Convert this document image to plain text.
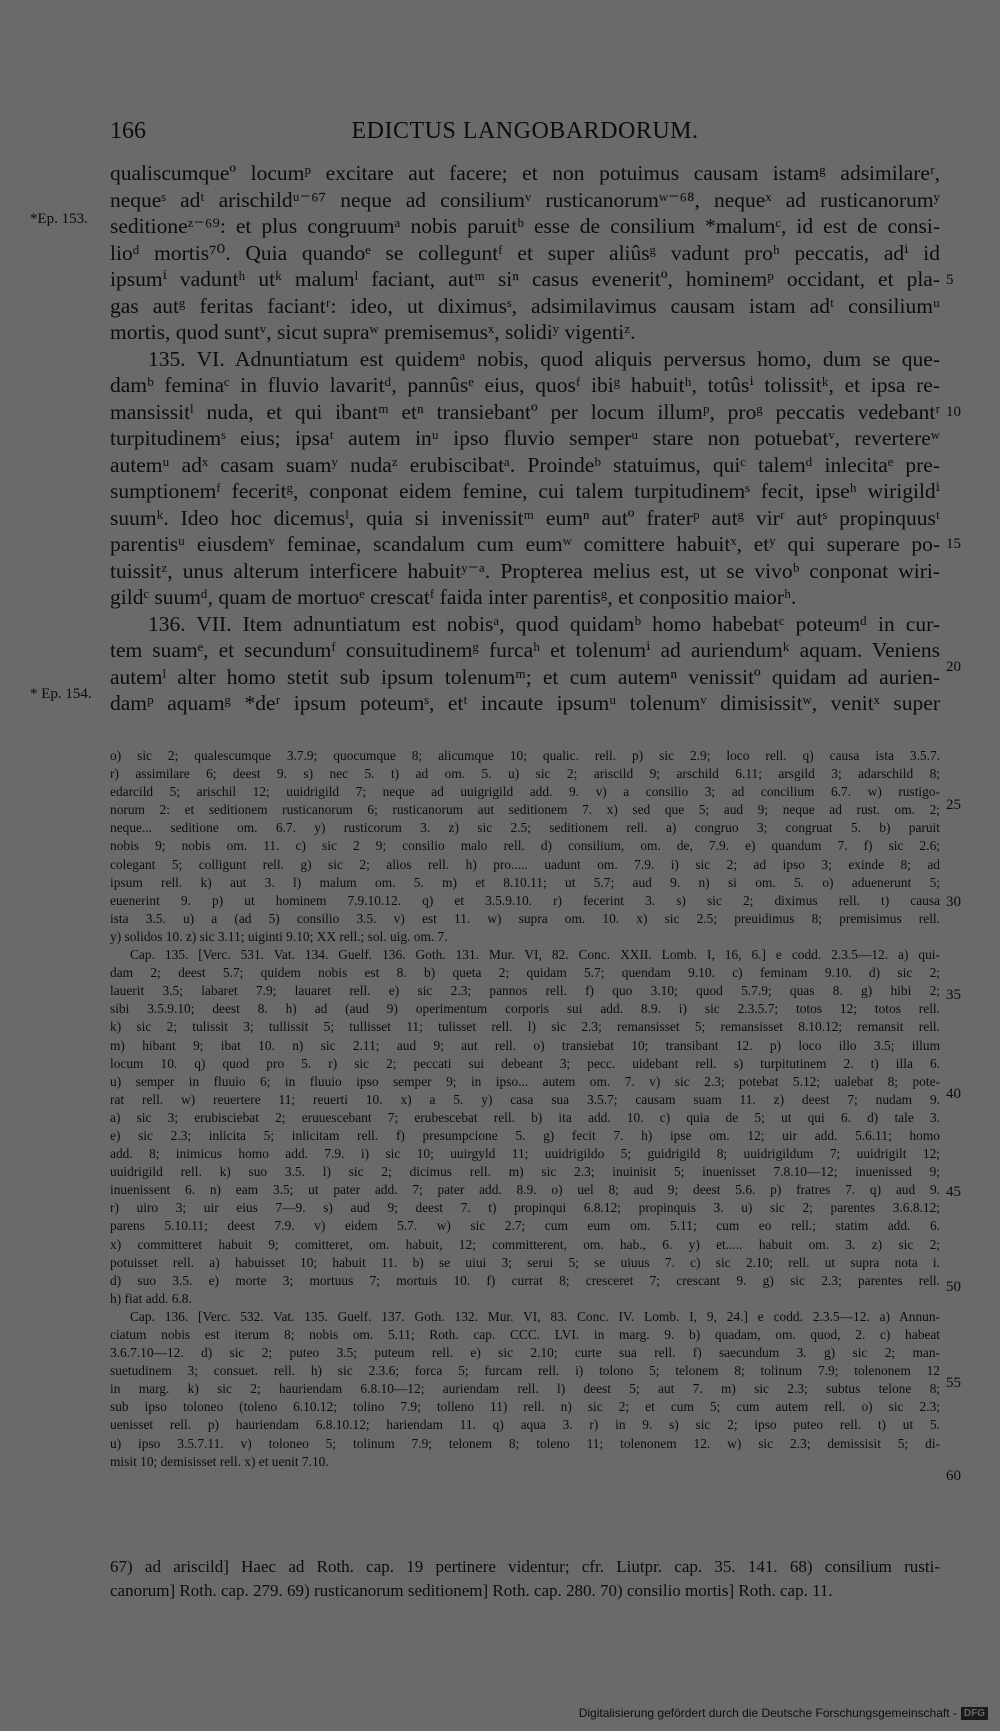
166	EDICTUS LANGOBARDORUM.
*Ep. 153.
* Ep. 154.
5
10
15
20
25
30
35
40
45
50
55
60
qualiscumqueº locumᵖ excitare aut facere; et non potuimus causam istamᵍ adsimilareʳ,
nequeˢ adᵗ arischildᵘ⁻⁶⁷ neque ad consiliumᵛ rusticanorumʷ⁻⁶⁸, nequeˣ ad rusticanorumʸ
seditioneᶻ⁻⁶⁹: et plus congruumᵃ nobis paruitᵇ esse de consilium *malumᶜ, id est de consi-
lioᵈ mortis⁷⁰. Quia quandoᵉ se colleguntᶠ et super aliûsᵍ vadunt proʰ peccatis, adⁱ id
ipsumⁱ vaduntʰ utᵏ malumˡ faciant, autᵐ siⁿ casus eveneritº, hominemᵖ occidant, et pla-
gas autᵍ feritas faciantʳ: ideo, ut diximusˢ, adsimilavimus causam istam adᵗ consiliumᵘ
mortis, quod suntᵛ, sicut supraʷ premisemusˣ, solidiʸ vigentiᶻ.
135. VI. Adnuntiatum est quidemᵃ nobis, quod aliquis perversus homo, dum se que-
damᵇ feminaᶜ in fluvio lavaritᵈ, pannûsᵉ eius, quosᶠ ibiᵍ habuitʰ, totûsⁱ tolissitᵏ, et ipsa re-
mansissitˡ nuda, et qui ibantᵐ etⁿ transiebantº per locum illumᵖ, proᵍ peccatis vedebantʳ
turpitudinemˢ eius; ipsaᵗ autem inᵘ ipso fluvio semperᵘ stare non potuebatᵛ, revertereʷ
autemᵘ adˣ casam suamʸ nudaᶻ erubiscibatᵃ. Proindeᵇ statuimus, quiᶜ talemᵈ inlecitaᵉ pre-
sumptionemᶠ feceritᵍ, conponat eidem femine, cui talem turpitudinemˢ fecit, ipseʰ wirigildⁱ
suumᵏ. Ideo hoc dicemusˡ, quia si invenissitᵐ eumⁿ autº fraterᵖ autᵍ virʳ autˢ propinquusᵗ
parentisᵘ eiusdemᵛ feminae, scandalum cum eumʷ comittere habuitˣ, etʸ qui superare po-
tuissitᶻ, unus alterum interficere habuitʸ⁻ᵃ. Propterea melius est, ut se vivoᵇ conponat wiri-
gildᶜ suumᵈ, quam de mortuoᵉ crescatᶠ faida inter parentisᵍ, et conpositio maiorʰ.
136. VII. Item adnuntiatum est nobisᵃ, quod quidamᵇ homo habebatᶜ poteumᵈ in cur-
tem suamᵉ, et secundumᶠ consuitudinemᵍ furcaʰ et tolenumⁱ ad auriendumᵏ aquam. Veniens
autemˡ alter homo stetit sub ipsum tolenumᵐ; et cum autemⁿ venissitº quidam ad aurien-
damᵖ aquamᵍ *deʳ ipsum poteumˢ, etᵗ incaute ipsumᵘ tolenumᵛ dimisissitʷ, venitˣ super
o) sic 2; qualescumque 3.7.9; quocumque 8; alicumque 10; qualic. rell. p) sic 2.9; loco rell. q) causa ista 3.5.7.
r) assimilare 6; deest 9. s) nec 5. t) ad om. 5. u) sic 2; ariscild 9; arschild 6.11; arsgild 3; adarschild 8;
edarcild 5; arischil 12; uuidrigild 7; neque ad uuigrigild add. 9. v) a consilio 3; ad concilium 6.7. w) rustigo-
norum 2: et seditionem rusticanorum 6; rusticanorum aut seditionem 7. x) sed que 5; aud 9; neque ad rust. om. 2;
neque... seditione om. 6.7. y) rusticorum 3. z) sic 2.5; seditionem rell. a) congruo 3; congruat 5. b) paruit
nobis 9; nobis om. 11. c) sic 2 9; consilio malo rell. d) consilium, om. de, 7.9. e) quandum 7. f) sic 2.6;
colegant 5; colligunt rell. g) sic 2; alios rell. h) pro..... uadunt om. 7.9. i) sic 2; ad ipso 3; exinde 8; ad
ipsum rell. k) aut 3. l) malum om. 5. m) et 8.10.11; ut 5.7; aud 9. n) si om. 5. o) aduenerunt 5;
euenerint 9. p) ut hominem 7.9.10.12. q) et 3.5.9.10. r) fecerint 3. s) sic 2; diximus rell. t) causa
ista 3.5. u) a (ad 5) consilio 3.5. v) est 11. w) supra om. 10. x) sic 2.5; preuidimus 8; premisimus rell.
y) solidos 10. z) sic 3.11; uiginti 9.10; XX rell.; sol. uig. om. 7.
Cap. 135. [Verc. 531. Vat. 134. Guelf. 136. Goth. 131. Mur. VI, 82. Conc. XXII. Lomb. I, 16, 6.] e codd. 2.3.5—12. a) qui-
dam 2; deest 5.7; quidem nobis est 8. b) queta 2; quidam 5.7; quendam 9.10. c) feminam 9.10. d) sic 2;
lauerit 3.5; labaret 7.9; lauaret rell. e) sic 2.3; pannos rell. f) quo 3.10; quod 5.7.9; quas 8. g) hibi 2;
sibi 3.5.9.10; deest 8. h) ad (aud 9) operimentum corporis sui add. 8.9. i) sic 2.3.5.7; totos 12; totos rell.
k) sic 2; tulissit 3; tullissit 5; tullisset 11; tulisset rell. l) sic 2.3; remansisset 5; remansisset 8.10.12; remansit rell.
m) hibant 9; ibat 10. n) sic 2.11; aud 9; aut rell. o) transiebat 10; transibant 12. p) loco illo 3.5; illum
locum 10. q) quod pro 5. r) sic 2; peccati sui debeant 3; pecc. uidebant rell. s) turpitutinem 2. t) illa 6.
u) semper in fluuio 6; in fluuio ipso semper 9; in ipso... autem om. 7. v) sic 2.3; potebat 5.12; ualebat 8; pote-
rat rell. w) reuertere 11; reuerti 10. x) a 5. y) casa sua 3.5.7; causam suam 11. z) deest 7; nudam 9.
a) sic 3; erubisciebat 2; eruuescebant 7; erubescebat rell. b) ita add. 10. c) quia de 5; ut qui 6. d) tale 3.
e) sic 2.3; inlicita 5; inlicitam rell. f) presumpcione 5. g) fecit 7. h) ipse om. 12; uir add. 5.6.11; homo
add. 8; inimicus homo add. 7.9. i) sic 10; uuirgyld 11; uuidrigildo 5; guidrigild 8; uuidrigildum 7; uuidrigilt 12;
uuidrigild rell. k) suo 3.5. l) sic 2; dicimus rell. m) sic 2.3; inuinisit 5; inuenisset 7.8.10—12; inuenissed 9;
inuenissent 6. n) eam 3.5; ut pater add. 7; pater add. 8.9. o) uel 8; aud 9; deest 5.6. p) fratres 7. q) aud 9.
r) uiro 3; uir eius 7—9. s) aud 9; deest 7. t) propinqui 6.8.12; propinquis 3. u) sic 2; parentes 3.6.8.12;
parens 5.10.11; deest 7.9. v) eidem 5.7. w) sic 2.7; cum eum om. 5.11; cum eo rell.; statim add. 6.
x) committeret habuit 9; comitteret, om. habuit, 12; committerent, om. hab., 6. y) et..... habuit om. 3. z) sic 2;
potuisset rell. a) habuisset 10; habuit 11. b) se uiui 3; serui 5; se uiuus 7. c) sic 2.10; rell. ut supra nota i.
d) suo 3.5. e) morte 3; mortuus 7; mortuis 10. f) currat 8; cresceret 7; crescant 9. g) sic 2.3; parentes rell.
h) fiat add. 6.8.
Cap. 136. [Verc. 532. Vat. 135. Guelf. 137. Goth. 132. Mur. VI, 83. Conc. IV. Lomb. I, 9, 24.] e codd. 2.3.5—12. a) Annun-
ciatum nobis est iterum 8; nobis om. 5.11; Roth. cap. CCC. LVI. in marg. 9. b) quadam, om. quod, 2. c) habeat
3.6.7.10—12. d) sic 2; puteo 3.5; puteum rell. e) sic 2.10; curte sua rell. f) saecundum 3. g) sic 2; man-
suetudinem 3; consuet. rell. h) sic 2.3.6; forca 5; furcam rell. i) tolono 5; telonem 8; tolinum 7.9; tolenonem 12
in marg. k) sic 2; hauriendam 6.8.10—12; auriendam rell. l) deest 5; aut 7. m) sic 2.3; subtus telone 8;
sub ipso toloneo (toleno 6.10.12; tolino 7.9; tolleno 11) rell. n) sic 2; et cum 5; cum autem rell. o) sic 2.3;
uenisset rell. p) hauriendam 6.8.10.12; hariendam 11. q) aqua 3. r) in 9. s) sic 2; ipso puteo rell. t) ut 5.
u) ipso 3.5.7.11. v) toloneo 5; tolinum 7.9; telonem 8; toleno 11; tolenonem 12. w) sic 2.3; demissisit 5; di-
misit 10; demisisset rell. x) et uenit 7.10.
67) ad ariscild] Haec ad Roth. cap. 19 pertinere videntur; cfr. Liutpr. cap. 35. 141. 68) consilium rusti-
canorum] Roth. cap. 279. 69) rusticanorum seditionem] Roth. cap. 280. 70) consilio mortis] Roth. cap. 11.
Digitalisierung gefördert durch die Deutsche Forschungsgemeinschaft - DFG
